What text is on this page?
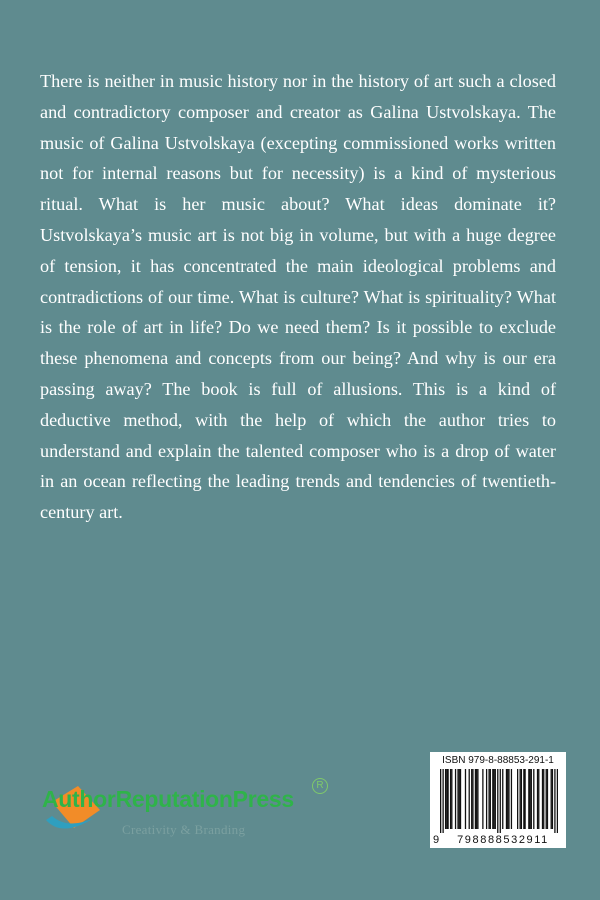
There is neither in music history nor in the history of art such a closed and contradictory composer and creator as Galina Ustvolskaya. The music of Galina Ustvolskaya (excepting commissioned works written not for internal reasons but for necessity) is a kind of mysterious ritual. What is her music about? What ideas dominate it? Ustvolskaya’s music art is not big in volume, but with a huge degree of tension, it has concentrated the main ideological problems and contradictions of our time. What is culture? What is spirituality? What is the role of art in life? Do we need them? Is it possible to exclude these phenomena and concepts from our being? And why is our era passing away? The book is full of allusions. This is a kind of deductive method, with the help of which the author tries to understand and explain the talented composer who is a drop of water in an ocean reflecting the leading trends and tendencies of twentieth-century art.

AuthorReputationPress
R
Creativity & Branding
ISBN 979-8-88853-291-1
9	798888532911
